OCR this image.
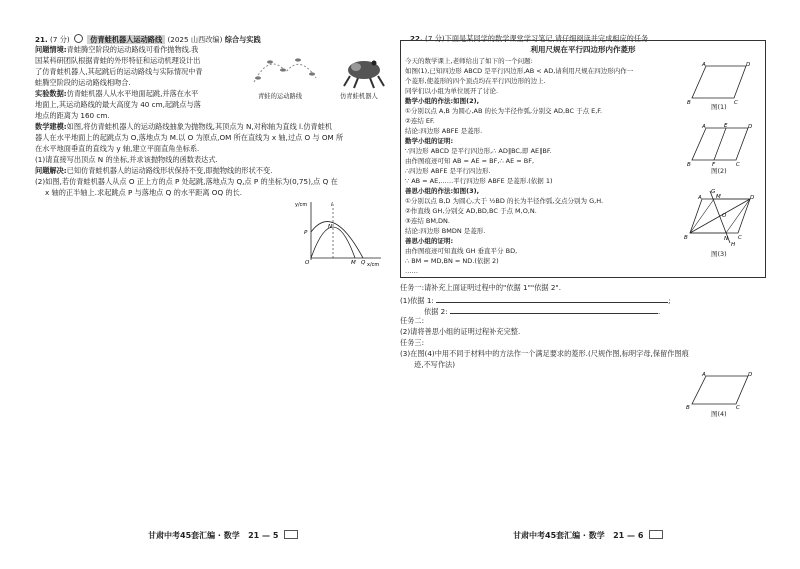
21. (7 分)	仿青蛙机器人运动路线 (2025 山西改编) 综合与实践
问题情境:青蛙腾空阶段的运动路线可看作抛物线.我
国某科研团队根据青蛙的外形特征和运动机理设计出
了仿青蛙机器人,其起跳后的运动路线与实际情况中青
蛙腾空阶段的运动路线相吻合.
实验数据:仿青蛙机器人从水平地面起跳,并落在水平
地面上,其运动路线的最大高度为 40 cm,起跳点与落
地点的距离为 160 cm.
数学建模:如图,将仿青蛙机器人的运动路线抽象为抛物线,其顶点为 N,对称轴为直线 l.仿青蛙机
器人在水平地面上的起跳点为 O,落地点为 M.以 O 为原点,OM 所在直线为 x 轴,过点 O 与 OM 所
在水平地面垂直的直线为 y 轴,建立平面直角坐标系.
(1)请直接写出顶点 N 的坐标,并求该抛物线的函数表达式.
问题解决:已知仿青蛙机器人的运动路线形状保持不变,即抛物线的形状不变.
(2)如图,若仿青蛙机器人从点 O 正上方的点 P 处起跳,落地点为 Q,点 P 的坐标为(0,75),点 Q 在
x 轴的正半轴上.求起跳点 P 与落地点 Q 的水平距离 OQ 的长.
青蛙的运动路线	仿青蛙机器人
y/cm
x/cm
l
N
P
O	M Q
甘肃中考45套汇编 · 数学 21 — 5
22. (7 分)下面是某同学的数学课堂学习笔记,请仔细阅读并完成相应的任务.
利用尺规在平行四边形内作菱形
今天的数学课上,老师给出了如下的一个问题:
如图(1),已知四边形 ABCD 是平行四边形,AB < AD,请利用尺规在四边形内作一
个菱形,使菱形的四个顶点均在平行四边形的边上.
同学们以小组为单位展开了讨论.
勤学小组的作法:如图(2),
①分别以点 A,B 为圆心,AB 的长为半径作弧,分别交 AD,BC 于点 E,F.
②连结 EF.
结论:四边形 ABFE 是菱形.
勤学小组的证明:
∵四边形 ABCD 是平行四边形,∴ AD∥BC,即 AE∥BF.
由作图痕迹可知 AB = AE = BF,∴ AE = BF,
∴四边形 ABFE 是平行四边形.
∵ AB = AE,……平行四边形 ABFE 是菱形.(依据 1)
善思小组的作法:如图(3),
①分别以点 B,D 为圆心,大于 ½BD 的长为半径作弧,交点分别为 G,H.
②作直线 GH,分别交 AD,BD,BC 于点 M,O,N.
③连结 BM,DN.
结论:四边形 BMDN 是菱形.
善思小组的证明:
由作图痕迹可知直线 GH 垂直平分 BD,
∴ BM = MD,BN = ND.(依据 2)
……
A	D
B	C
图(1)
A	E	D
B	F	C
图(2)
A
G
M	D
O
B	N
H
C
图(3)
任务一:请补充上面证明过程中的"依据 1""依据 2".
(1)依据 1:	;
依据 2:	.
任务二:
(2)请将善思小组的证明过程补充完整.
任务三:
(3)在图(4)中用不同于材料中的方法作一个满足要求的菱形.(尺规作图,标明字母,保留作图痕
迹,不写作法)
A	D
B	C
图(4)
甘肃中考45套汇编 · 数学 21 — 6
